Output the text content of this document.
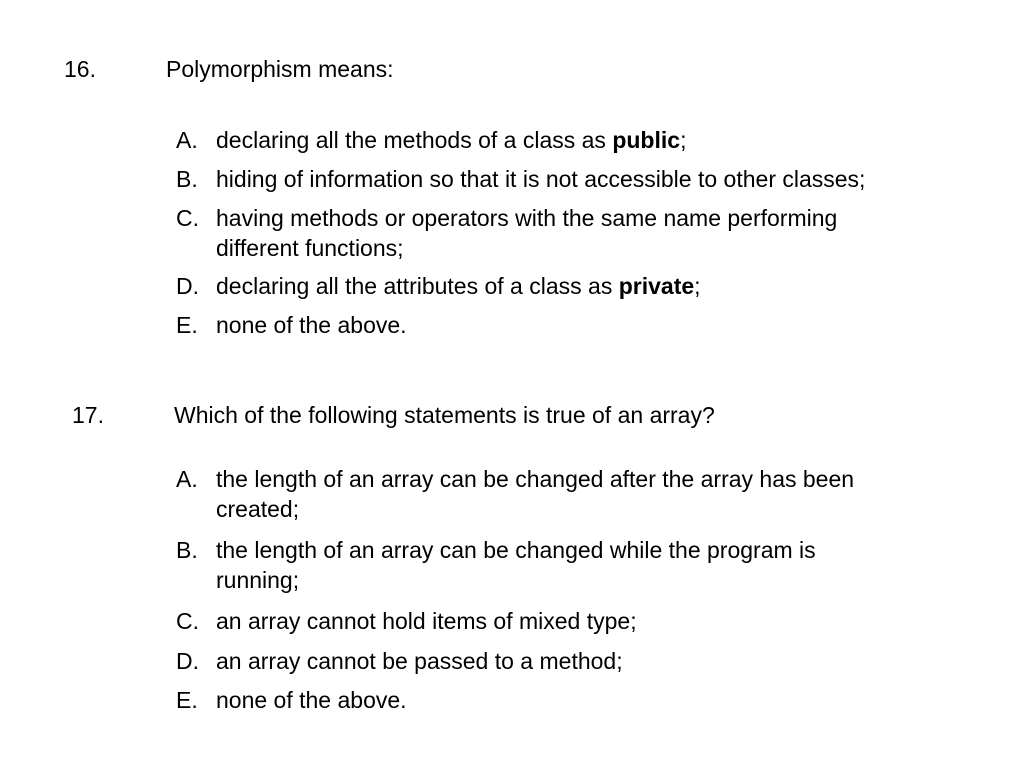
16.	Polymorphism means:
A. declaring all the methods of a class as public;
B. hiding of information so that it is not accessible to other classes;
C. having methods or operators with the same name performing
different functions;
D. declaring all the attributes of a class as private;
E. none of the above.
17.	Which of the following statements is true of an array?
A. the length of an array can be changed after the array has been
created;
B. the length of an array can be changed while the program is
running;
C. an array cannot hold items of mixed type;
D. an array cannot be passed to a method;
E. none of the above.
